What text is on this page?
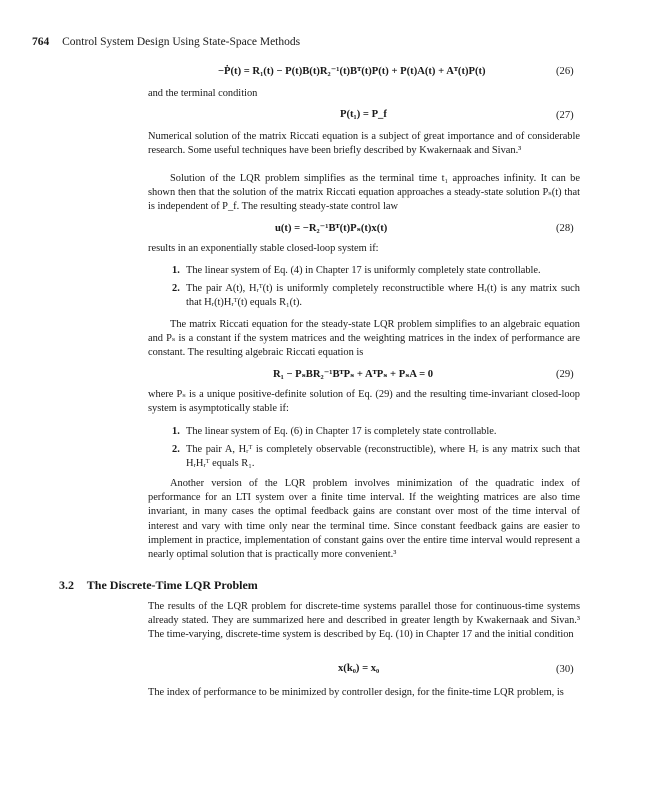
764 Control System Design Using State-Space Methods
−Ṗ(t) = R₁(t) − P(t)B(t)R₂⁻¹(t)Bᵀ(t)P(t) + P(t)A(t) + Aᵀ(t)P(t)	(26)

and the terminal condition

P(t₁) = P_f	(27)

Numerical solution of the matrix Riccati equation is a subject of great importance and of considerable research. Some useful techniques have been briefly described by Kwakernaak and Sivan.³

Solution of the LQR problem simplifies as the terminal time t₁ approaches infinity. It can be shown then that the solution of the matrix Riccati equation approaches a steady-state solution Pₛ(t) that is independent of P_f. The resulting steady-state control law

u(t) = −R₂⁻¹Bᵀ(t)Pₛ(t)x(t)	(28)

results in an exponentially stable closed-loop system if:

1. The linear system of Eq. (4) in Chapter 17 is uniformly completely state controllable.
2. The pair A(t), Hᵣᵀ(t) is uniformly completely reconstructible where Hᵣ(t) is any matrix such that Hᵣ(t)Hᵣᵀ(t) equals R₁(t).

The matrix Riccati equation for the steady-state LQR problem simplifies to an algebraic equation and Pₛ is a constant if the system matrices and the weighting matrices in the index of performance are constant. The resulting algebraic Riccati equation is

R₁ − PₛBR₂⁻¹BᵀPₛ + AᵀPₛ + PₛA = 0	(29)

where Pₛ is a unique positive-definite solution of Eq. (29) and the resulting time-invariant closed-loop system is asymptotically stable if:

1. The linear system of Eq. (6) in Chapter 17 is completely state controllable.
2. The pair A, Hᵣᵀ is completely observable (reconstructible), where Hᵣ is any matrix such that HᵣHᵣᵀ equals R₁.

Another version of the LQR problem involves minimization of the quadratic index of performance for an LTI system over a finite time interval. If the weighting matrices are also time invariant, in many cases the optimal feedback gains are constant over most of the time interval of interest and vary with time only near the terminal time. Since constant feedback gains are easier to implement in practice, implementation of constant gains over the entire time interval would represent a nearly optimal solution that is practically more convenient.³

3.2 The Discrete-Time LQR Problem

The results of the LQR problem for discrete-time systems parallel those for continuous-time systems already stated. They are summarized here and described in greater length by Kwakernaak and Sivan.³ The time-varying, discrete-time system is described by Eq. (10) in Chapter 17 and the initial condition

x(k₀) = x₀	(30)

The index of performance to be minimized by controller design, for the finite-time LQR problem, is
